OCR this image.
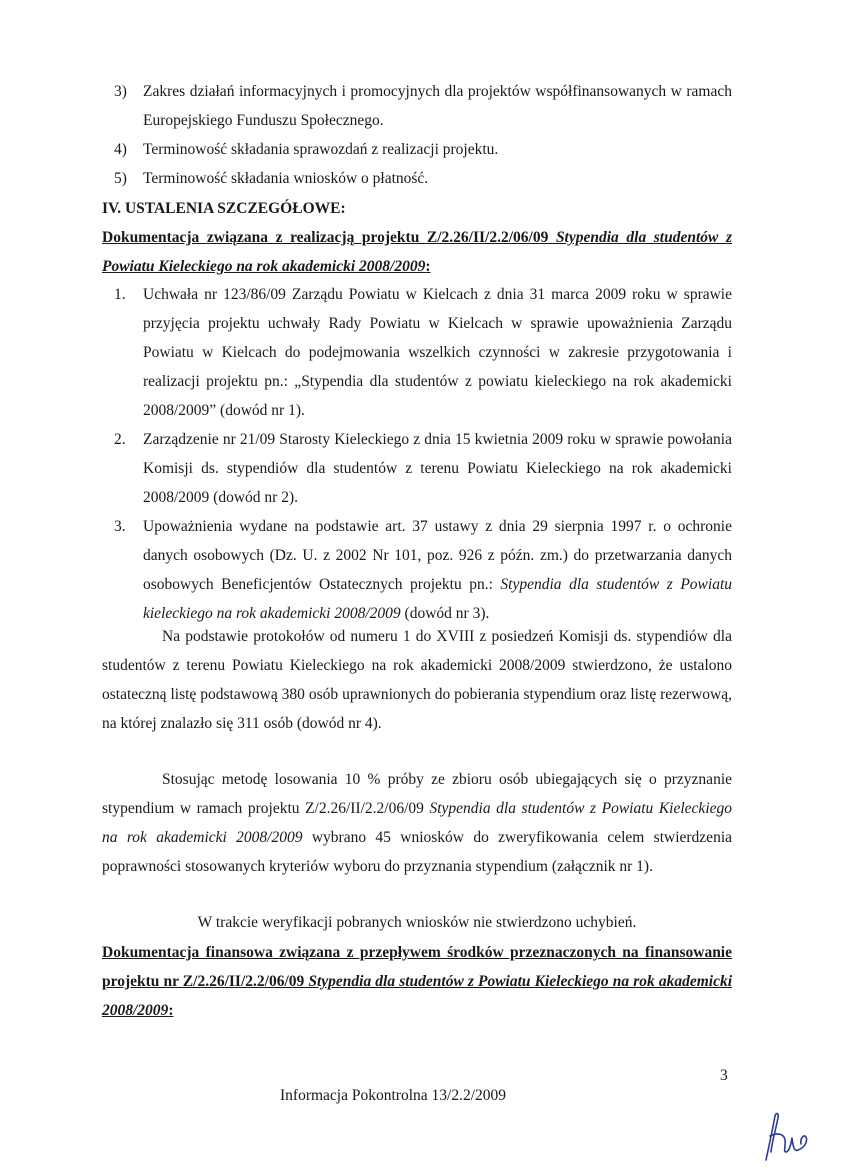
3) Zakres działań informacyjnych i promocyjnych dla projektów współfinansowanych w ramach Europejskiego Funduszu Społecznego.
4) Terminowość składania sprawozdań z realizacji projektu.
5) Terminowość składania wniosków o płatność.
IV. USTALENIA SZCZEGÓŁOWE:

Dokumentacja związana z realizacją projektu Z/2.26/II/2.2/06/09 Stypendia dla studentów z Powiatu Kieleckiego na rok akademicki 2008/2009:

1. Uchwała nr 123/86/09 Zarządu Powiatu w Kielcach z dnia 31 marca 2009 roku w sprawie przyjęcia projektu uchwały Rady Powiatu w Kielcach w sprawie upoważnienia Zarządu Powiatu w Kielcach do podejmowania wszelkich czynności w zakresie przygotowania i realizacji projektu pn.: „Stypendia dla studentów z powiatu kieleckiego na rok akademicki 2008/2009” (dowód nr 1).
2. Zarządzenie nr 21/09 Starosty Kieleckiego z dnia 15 kwietnia 2009 roku w sprawie powołania Komisji ds. stypendiów dla studentów z terenu Powiatu Kieleckiego na rok akademicki 2008/2009 (dowód nr 2).
3. Upoważnienia wydane na podstawie art. 37 ustawy z dnia 29 sierpnia 1997 r. o ochronie danych osobowych (Dz. U. z 2002 Nr 101, poz. 926 z późn. zm.) do przetwarzania danych osobowych Beneficjentów Ostatecznych projektu pn.: Stypendia dla studentów z Powiatu kieleckiego na rok akademicki 2008/2009 (dowód nr 3).

Na podstawie protokołów od numeru 1 do XVIII z posiedzeń Komisji ds. stypendiów dla studentów z terenu Powiatu Kieleckiego na rok akademicki 2008/2009 stwierdzono, że ustalono ostateczną listę podstawową 380 osób uprawnionych do pobierania stypendium oraz listę rezerwową, na której znalazło się 311 osób (dowód nr 4).

Stosując metodę losowania 10 % próby ze zbioru osób ubiegających się o przyznanie stypendium w ramach projektu Z/2.26/II/2.2/06/09 Stypendia dla studentów z Powiatu Kieleckiego na rok akademicki 2008/2009 wybrano 45 wniosków do zweryfikowania celem stwierdzenia poprawności stosowanych kryteriów wyboru do przyznania stypendium (załącznik nr 1).

W trakcie weryfikacji pobranych wniosków nie stwierdzono uchybień.

Dokumentacja finansowa związana z przepływem środków przeznaczonych na finansowanie projektu nr Z/2.26/II/2.2/06/09 Stypendia dla studentów z Powiatu Kieleckiego na rok akademicki 2008/2009:

3
Informacja Pokontrolna 13/2.2/2009
